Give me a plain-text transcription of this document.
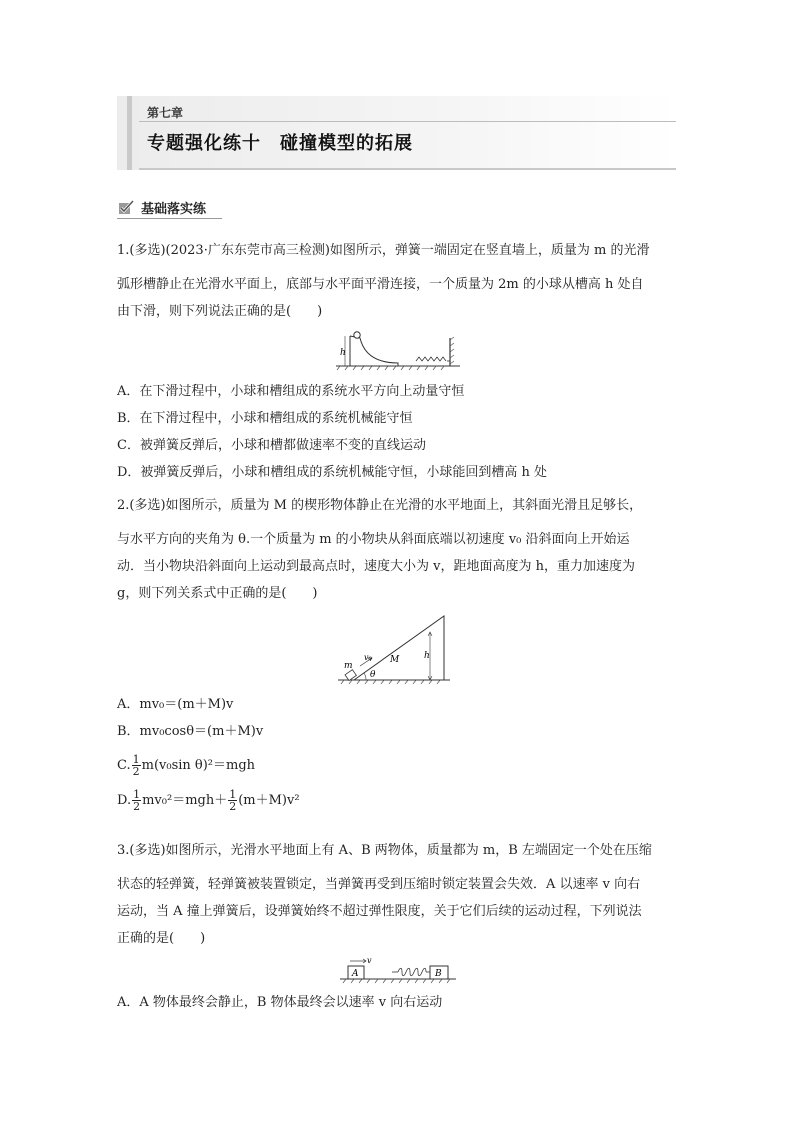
第七章
专题强化练十　碰撞模型的拓展
基础落实练
1.(多选)(2023·广东东莞市高三检测)如图所示，弹簧一端固定在竖直墙上，质量为 m 的光滑
弧形槽静止在光滑水平面上，底部与水平面平滑连接，一个质量为 2m 的小球从槽高 h 处自
由下滑，则下列说法正确的是(　　)
h
A．在下滑过程中，小球和槽组成的系统水平方向上动量守恒
B．在下滑过程中，小球和槽组成的系统机械能守恒
C．被弹簧反弹后，小球和槽都做速率不变的直线运动
D．被弹簧反弹后，小球和槽组成的系统机械能守恒，小球能回到槽高 h 处
2.(多选)如图所示，质量为 M 的楔形物体静止在光滑的水平地面上，其斜面光滑且足够长，
与水平方向的夹角为 θ.一个质量为 m 的小物块从斜面底端以初速度 v₀ 沿斜面向上开始运
动．当小物块沿斜面向上运动到最高点时，速度大小为 v，距地面高度为 h，重力加速度为
g，则下列关系式中正确的是(　　)
h
m
v₀ M
θ
A．mv₀＝(m＋M)v
B．mv₀cosθ＝(m＋M)v
C. $\frac{1}{2} m(v_0\sin$ θ)²＝mgh
D. $\frac{1}{2} mv_0^2=mgh+ \frac{1}{2} (m+M)v^2$
3.(多选)如图所示，光滑水平地面上有 A、B 两物体，质量都为 m，B 左端固定一个处在压缩
状态的轻弹簧，轻弹簧被装置锁定，当弹簧再受到压缩时锁定装置会失效．A 以速率 v 向右
运动，当 A 撞上弹簧后，设弹簧始终不超过弹性限度，关于它们后续的运动过程，下列说法
正确的是(　　)
A
v
B
A．A 物体最终会静止，B 物体最终会以速率 v 向右运动
